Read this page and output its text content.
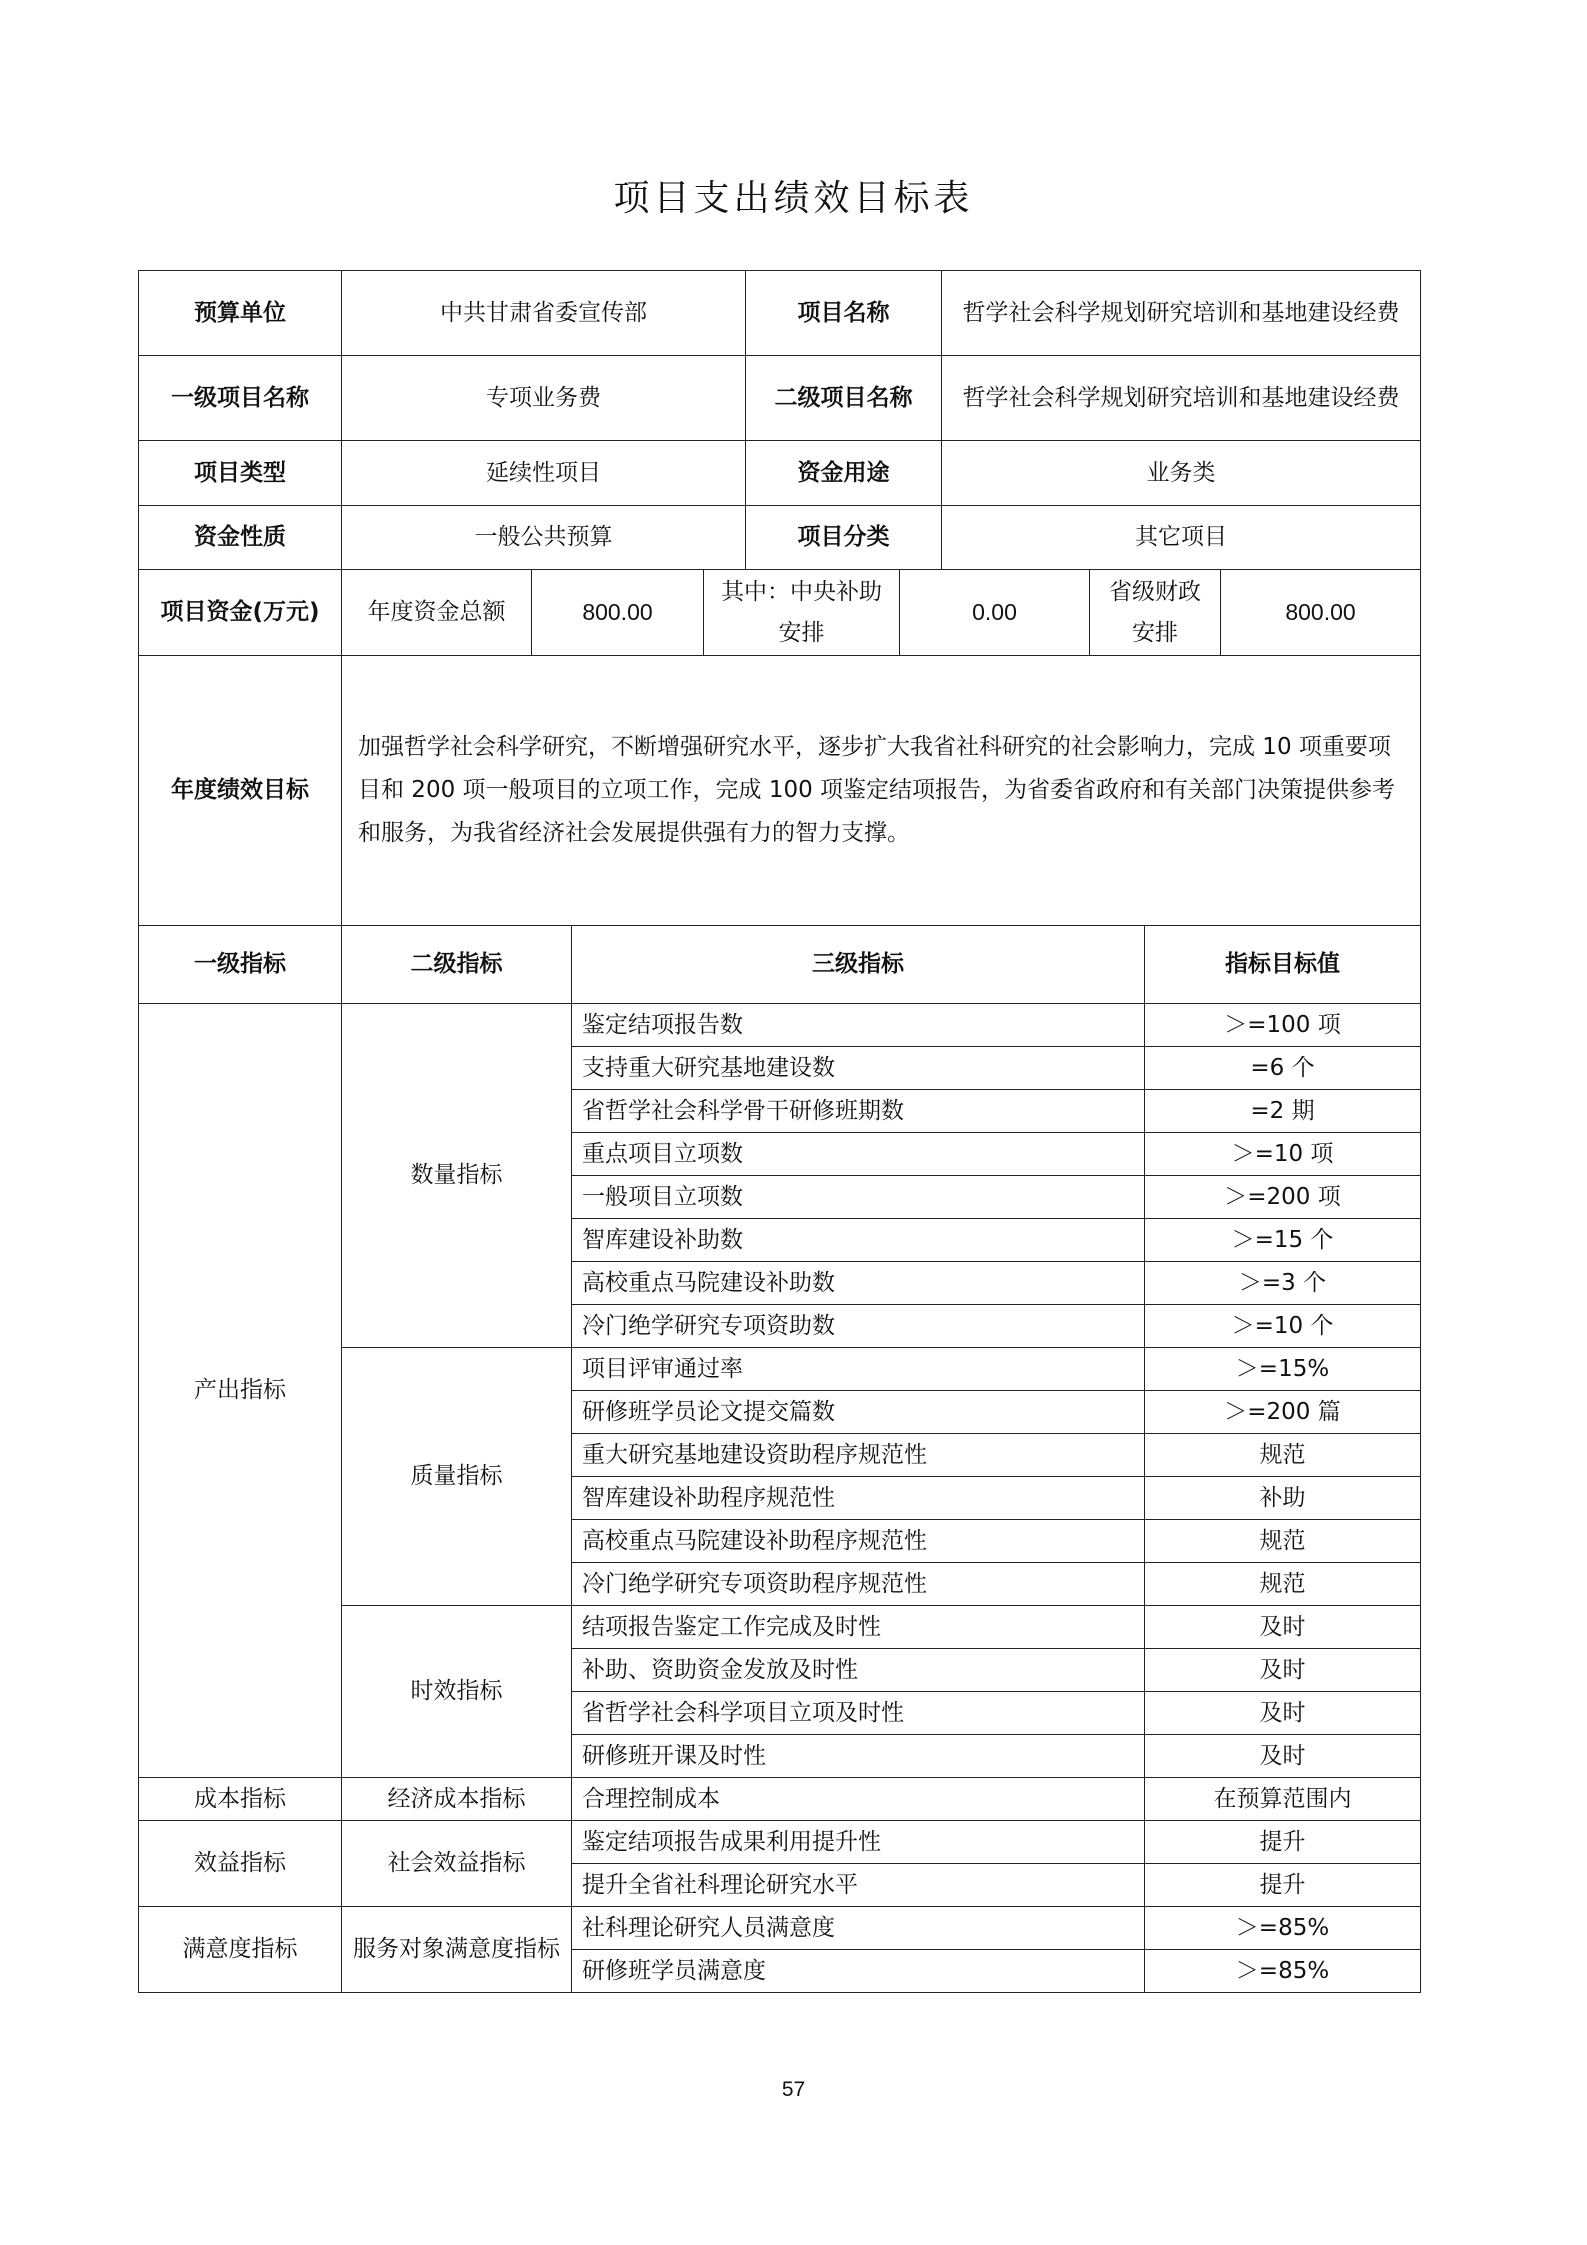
项目支出绩效目标表
预算单位	中共甘肃省委宣传部			项目名称		哲学社会科学规划研究培训和基地建设经费		
一级项目名称	专项业务费			二级项目名称		哲学社会科学规划研究培训和基地建设经费		
项目类型	延续性项目			资金用途		业务类		
资金性质	一般公共预算			项目分类		其它项目		
项目资金(万元)	年度资金总额	800.00	其中：中央补助安排		0.00		省级财政安排	800.00
年度绩效目标	加强哲学社会科学研究，不断增强研究水平，逐步扩大我省社科研究的社会影响力，完成 10 项重要项目和 200 项一般项目的立项工作，完成 100 项鉴定结项报告，为省委省政府和有关部门决策提供参考和服务，为我省经济社会发展提供强有力的智力支撑。							
一级指标	二级指标	三级指标	指标目标值
产出指标	数量指标	鉴定结项报告数	＞=100 项
		支持重大研究基地建设数	=6 个
		省哲学社会科学骨干研修班期数	=2 期
		重点项目立项数	＞=10 项
		一般项目立项数	＞=200 项
		智库建设补助数	＞=15 个
		高校重点马院建设补助数	＞=3 个
		冷门绝学研究专项资助数	＞=10 个
	质量指标	项目评审通过率	＞=15%
		研修班学员论文提交篇数	＞=200 篇
		重大研究基地建设资助程序规范性	规范
		智库建设补助程序规范性	补助
		高校重点马院建设补助程序规范性	规范
		冷门绝学研究专项资助程序规范性	规范
	时效指标	结项报告鉴定工作完成及时性	及时
		补助、资助资金发放及时性	及时
		省哲学社会科学项目立项及时性	及时
		研修班开课及时性	及时
成本指标	经济成本指标	合理控制成本	在预算范围内
效益指标	社会效益指标	鉴定结项报告成果利用提升性	提升
		提升全省社科理论研究水平	提升
满意度指标	服务对象满意度指标	社科理论研究人员满意度	＞=85%
		研修班学员满意度	＞=85%
57
